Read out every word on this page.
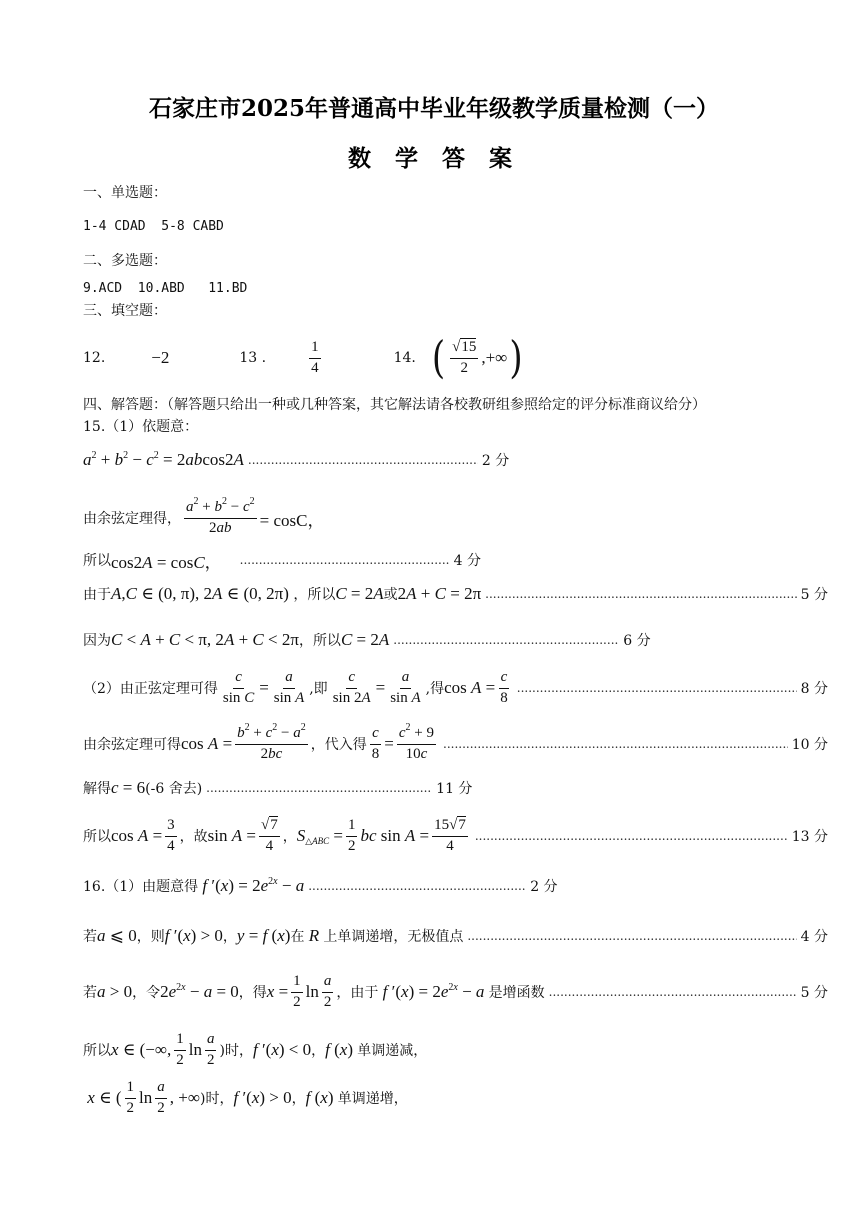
石家庄市2025年普通高中毕业年级教学质量检测（一）
数 学 答 案
一、单选题：
1-4 CDAD  5-8 CABD
二、多选题：
9.ACD  10.ABD   11.BD
三、填空题：
12.	−2	13 .	$\frac{1}{4}$	14. ( $\frac{√15}{2}$ ,+∞ )
四、解答题：（解答题只给出一种或几种答案，其它解法请各校教研组参照给定的评分标准商议给分）
15.（1）依题意：
$a^2 + b^2 - c^2 = 2abcos2A$ .....	2 分
由余弦定理得， $\frac{a^2 + b^2 - c^2}{2ab} = \cos C$，
所以 cos2A = cosC， .....	4 分
由于 A,C ∈ (0, π), 2A ∈ (0, 2π) ， 所以 C = 2A 或 2A + C = 2π .....	5 分
因为 C < A + C < π, 2A + C < 2π ， 所以 C = 2A .....	6 分
（2）由正弦定理可得 $\frac{c}{\text{sin C}} = \frac{a}{\text{sin A}}$ ,即 $\frac{c}{\sin 2A} = \frac{a}{\text{sin A}}$ ,得 $\cos A = \frac{c}{8}$ .....	8 分
由余弦定理可得 $\cos A = \frac{b^2 + c^2 - a^2}{2bc}$ ，代入得 $\frac{c}{8} = \frac{c^2 + 9}{10c}$ .....	10 分
解得 c = 6 (-6 舍去) .....	11 分
所以 $\cos A = \frac{3}{4}$ ，故 $\sin A = \frac{√7}{4}$ ， $S_{\triangle ABC} = \frac{1}{2}$ bc $\sin A = \frac{15√7}{4}$ .....	13 分
16.（1）由题意得 f $'(x) = 2e^{2x} - a$ .....	2 分
若 a ⩽ 0 ，则 f ′(x) > 0 ， y = f (x) 在 R 上单调递增，无极值点 .....	4 分
若 a > 0 ，令 $2e^{2x} - a = 0$ ，得 $x = \frac{1}{2}$ $\ln \frac{a}{2}$ ，由于 f $'(x) = 2e^{2x} - a$ 是增函数 .....	5 分
所以 x ∈ (−∞, $\frac{1}{2}$ $\ln \frac{a}{2}$ )时， f ′(x) < 0 ， f (x) 单调递减，
x ∈ ( $\frac{1}{2}$ $\ln \frac{a}{2}$ , +∞ )时， f ′(x) > 0 ， f (x) 单调递增，
